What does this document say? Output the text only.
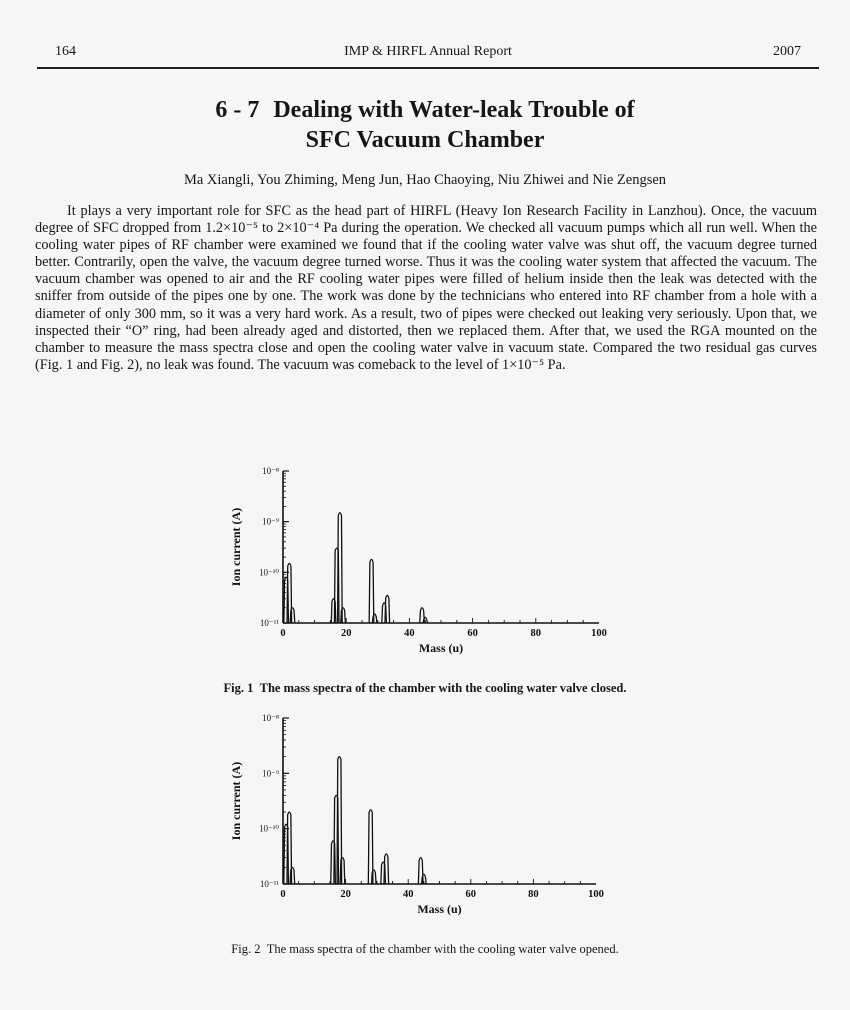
164	IMP & HIRFL Annual Report	2007
6 - 7 Dealing with Water-leak Trouble of
SFC Vacuum Chamber
Ma Xiangli, You Zhiming, Meng Jun, Hao Chaoying, Niu Zhiwei and Nie Zengsen

It plays a very important role for SFC as the head part of HIRFL (Heavy Ion Research Facility in Lanzhou). Once, the vacuum degree of SFC dropped from 1.2×10⁻⁵ to 2×10⁻⁴ Pa during the operation. We checked all vacuum pumps which all run well. When the cooling water pipes of RF chamber were examined we found that if the cooling water valve was shut off, the vacuum degree turned better. Contrarily, open the valve, the vacuum degree turned worse. Thus it was the cooling water system that affected the vacuum. The vacuum chamber was opened to air and the RF cooling water pipes were filled of helium inside then the leak was detected with the sniffer from outside of the pipes one by one. The work was done by the technicians who entered into RF chamber from a hole with a diameter of only 300 mm, so it was a very hard work. As a result, two of pipes were checked out leaking very seriously. Upon that, we inspected their “O” ring, had been already aged and distorted, then we replaced them. After that, we used the RGA mounted on the chamber to measure the mass spectra close and open the cooling water valve in vacuum state. Compared the two residual gas curves (Fig. 1 and Fig. 2), no leak was found. The vacuum was comeback to the level of 1×10⁻⁵ Pa.

10⁻¹¹
10⁻¹⁰
10⁻⁹
10⁻⁸
0	20	40	60	80	100
Mass (u)
Ion current (A)
Fig. 1 The mass spectra of the chamber with the cooling water valve closed.
10⁻¹¹
10⁻¹⁰
10⁻⁹
10⁻⁸
0	20	40	60	80	100
Mass (u)
Ion current (A)
Fig. 2 The mass spectra of the chamber with the cooling water valve opened.
